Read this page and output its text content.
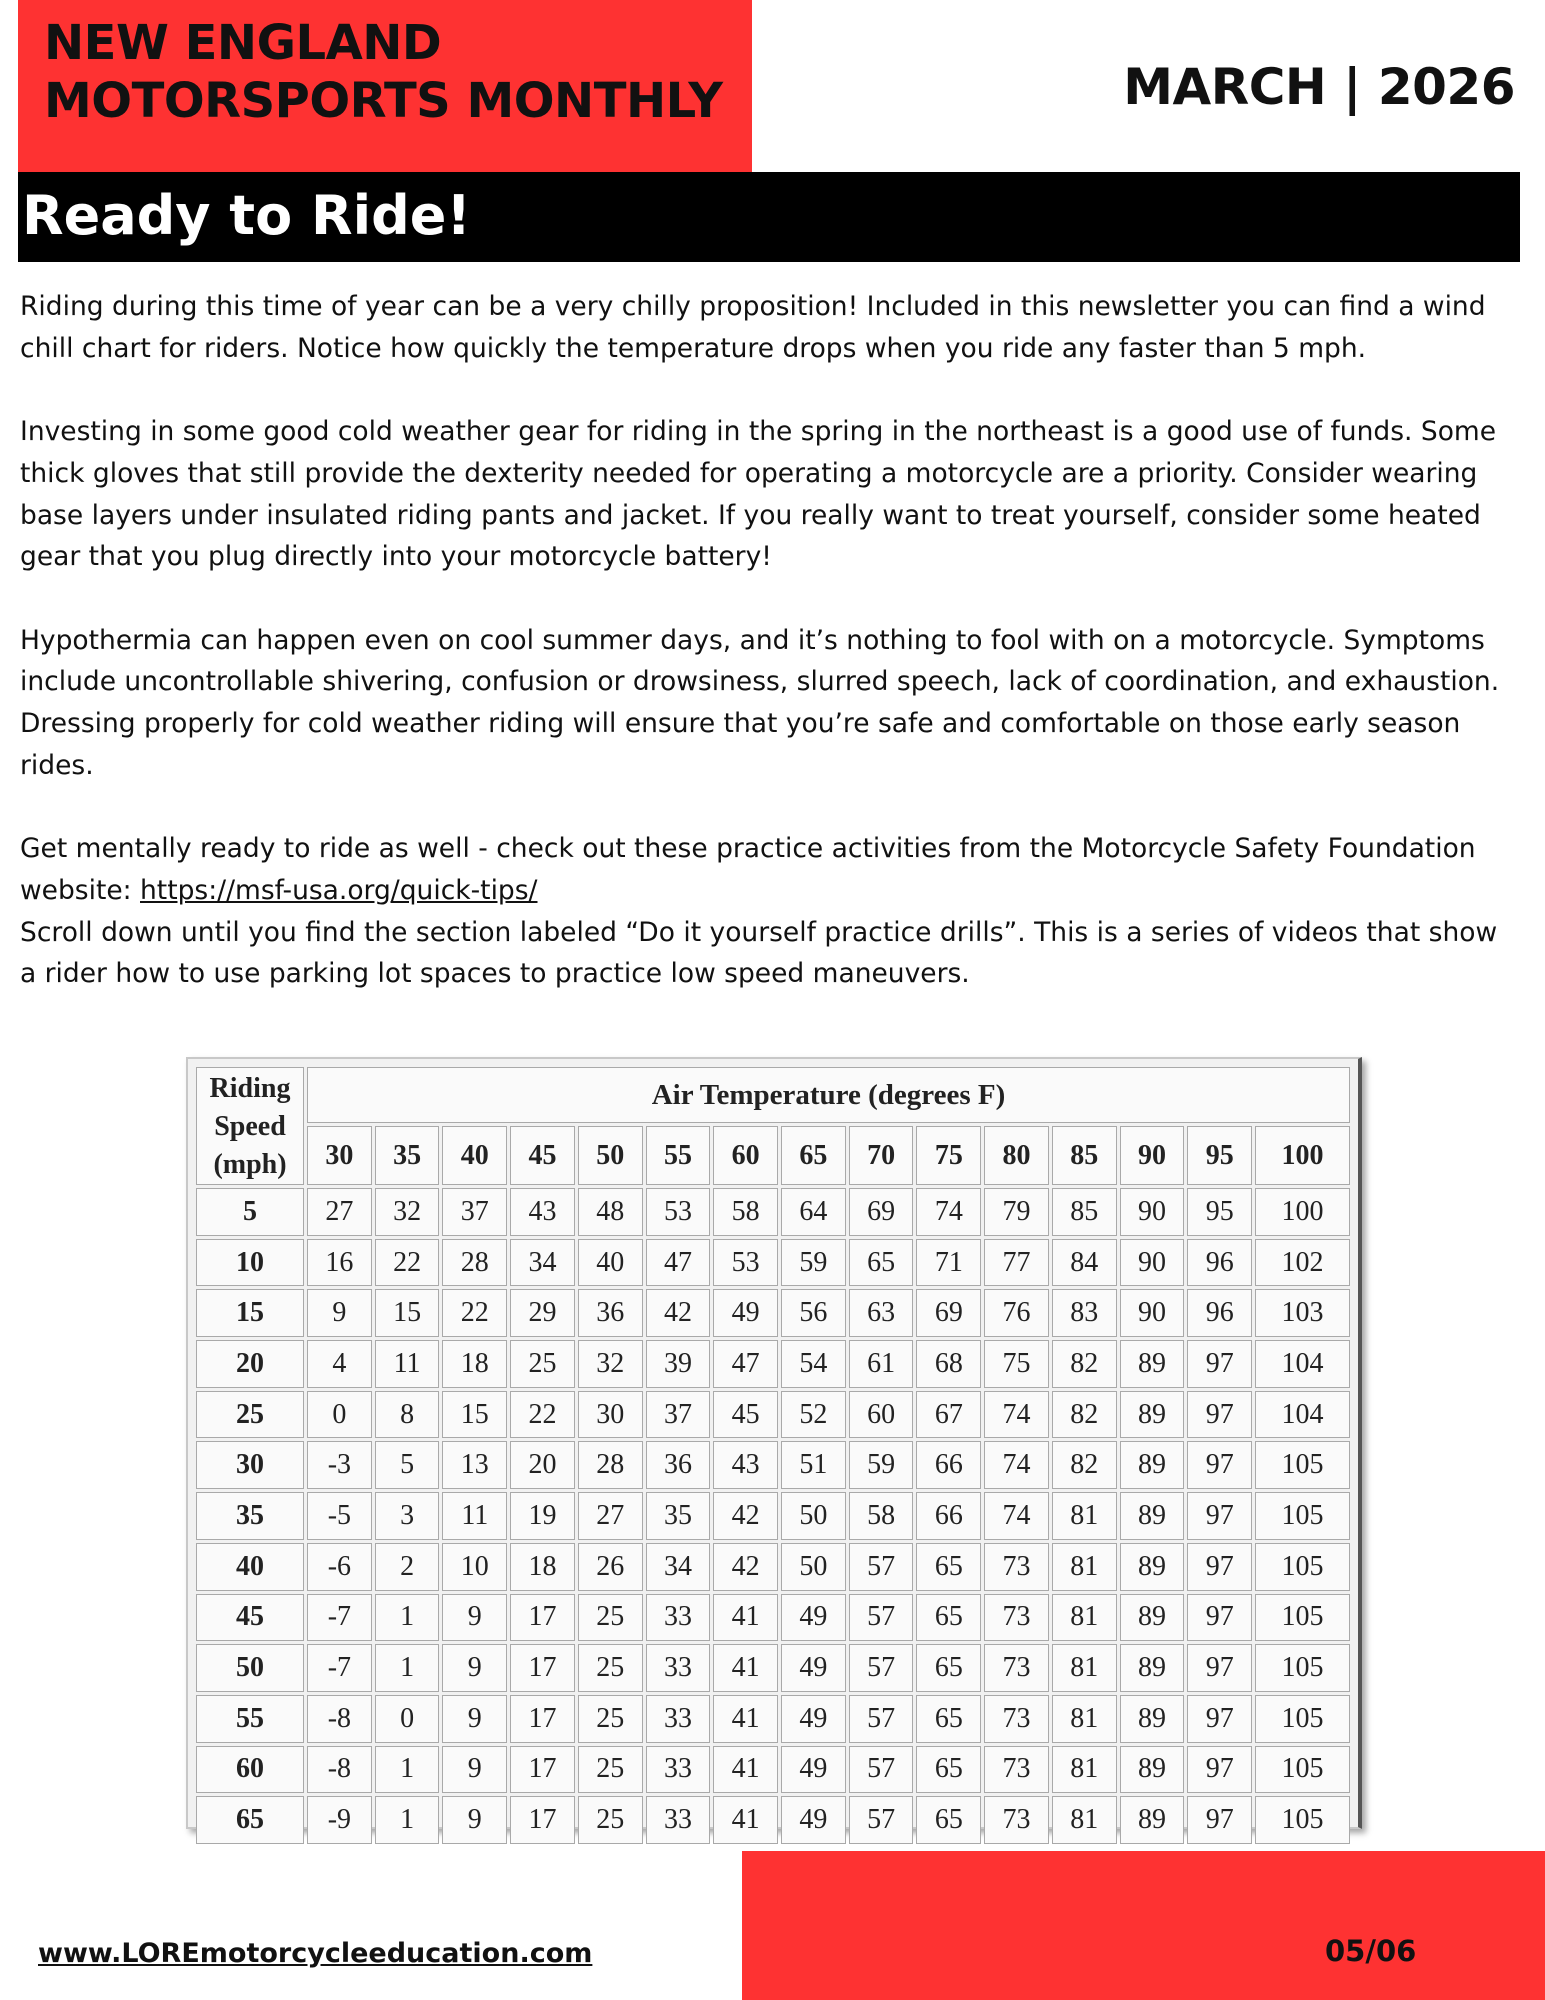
NEW ENGLAND
MOTORSPORTS MONTHLY	MARCH | 2026
Ready to Ride!

Riding during this time of year can be a very chilly proposition! Included in this newsletter you can find a wind chill chart for riders. Notice how quickly the temperature drops when you ride any faster than 5 mph.

Investing in some good cold weather gear for riding in the spring in the northeast is a good use of funds. Some thick gloves that still provide the dexterity needed for operating a motorcycle are a priority. Consider wearing base layers under insulated riding pants and jacket. If you really want to treat yourself, consider some heated gear that you plug directly into your motorcycle battery!

Hypothermia can happen even on cool summer days, and it’s nothing to fool with on a motorcycle. Symptoms include uncontrollable shivering, confusion or drowsiness, slurred speech, lack of coordination, and exhaustion. Dressing properly for cold weather riding will ensure that you’re safe and comfortable on those early season rides.

Get mentally ready to ride as well - check out these practice activities from the Motorcycle Safety Foundation website: https://msf-usa.org/quick-tips/

Scroll down until you find the section labeled “Do it yourself practice drills”. This is a series of videos that show a rider how to use parking lot spaces to practice low speed maneuvers.

Riding
Speed
(mph)	Air Temperature (degrees F)														
	30	35	40	45	50	55	60	65	70	75	80	85	90	95	100
5	27	32	37	43	48	53	58	64	69	74	79	85	90	95	100
10	16	22	28	34	40	47	53	59	65	71	77	84	90	96	102
15	9	15	22	29	36	42	49	56	63	69	76	83	90	96	103
20	4	11	18	25	32	39	47	54	61	68	75	82	89	97	104
25	0	8	15	22	30	37	45	52	60	67	74	82	89	97	104
30	-3	5	13	20	28	36	43	51	59	66	74	82	89	97	105
35	-5	3	11	19	27	35	42	50	58	66	74	81	89	97	105
40	-6	2	10	18	26	34	42	50	57	65	73	81	89	97	105
45	-7	1	9	17	25	33	41	49	57	65	73	81	89	97	105
50	-7	1	9	17	25	33	41	49	57	65	73	81	89	97	105
55	-8	0	9	17	25	33	41	49	57	65	73	81	89	97	105
60	-8	1	9	17	25	33	41	49	57	65	73	81	89	97	105
65	-9	1	9	17	25	33	41	49	57	65	73	81	89	97	105
www.LOREmotorcycleeducation.com	05/06
